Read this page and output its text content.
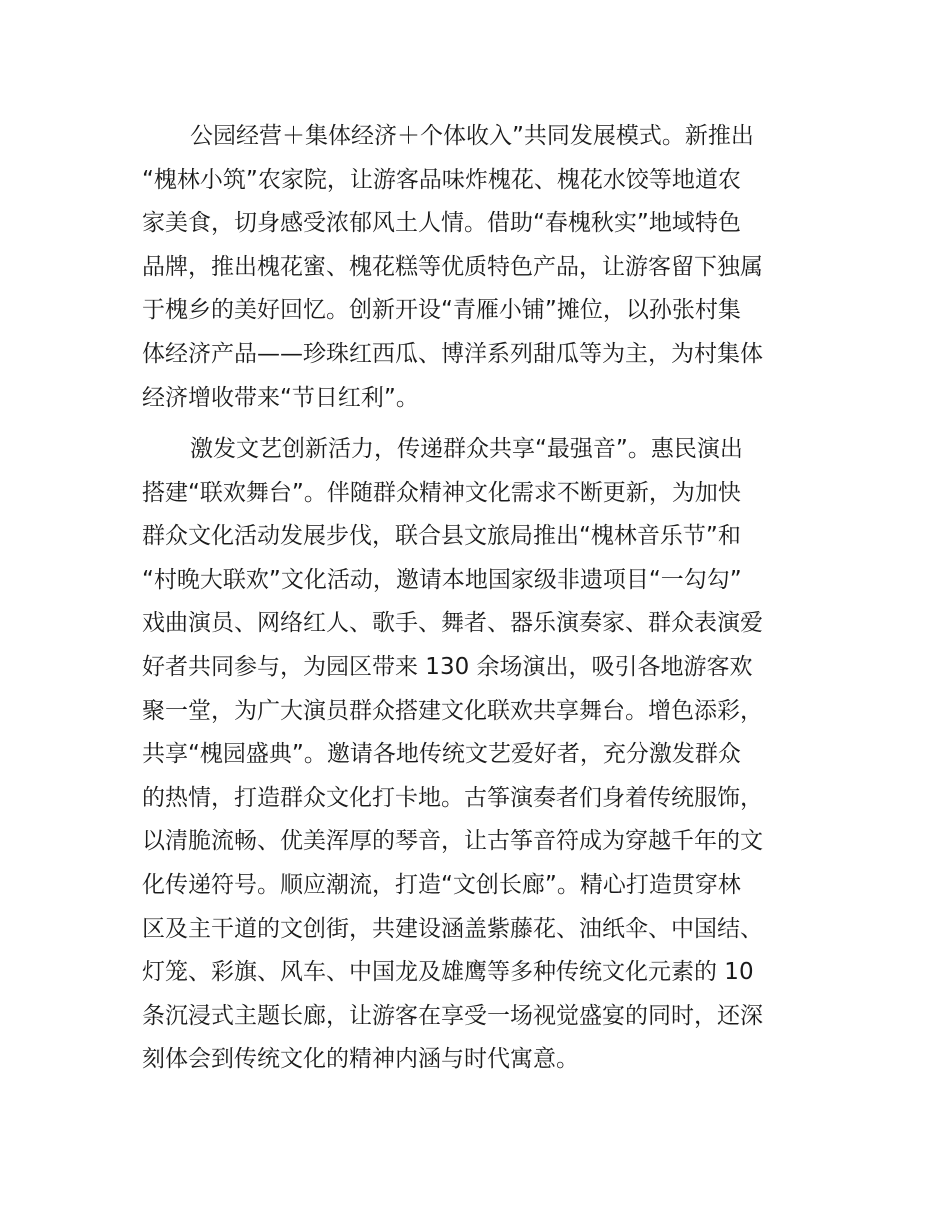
公园经营＋集体经济＋个体收入”共同发展模式。新推出
“槐林小筑”农家院，让游客品味炸槐花、槐花水饺等地道农
家美食，切身感受浓郁风土人情。借助“春槐秋实”地域特色
品牌，推出槐花蜜、槐花糕等优质特色产品，让游客留下独属
于槐乡的美好回忆。创新开设“青雁小铺”摊位，以孙张村集
体经济产品——珍珠红西瓜、博洋系列甜瓜等为主，为村集体
经济增收带来“节日红利”。

激发文艺创新活力，传递群众共享“最强音”。惠民演出
搭建“联欢舞台”。伴随群众精神文化需求不断更新，为加快
群众文化活动发展步伐，联合县文旅局推出“槐林音乐节”和
“村晚大联欢”文化活动，邀请本地国家级非遗项目“一勾勾”
戏曲演员、网络红人、歌手、舞者、器乐演奏家、群众表演爱
好者共同参与，为园区带来 130 余场演出，吸引各地游客欢
聚一堂，为广大演员群众搭建文化联欢共享舞台。增色添彩，
共享“槐园盛典”。邀请各地传统文艺爱好者，充分激发群众
的热情，打造群众文化打卡地。古筝演奏者们身着传统服饰，
以清脆流畅、优美浑厚的琴音，让古筝音符成为穿越千年的文
化传递符号。顺应潮流，打造“文创长廊”。精心打造贯穿林
区及主干道的文创街，共建设涵盖紫藤花、油纸伞、中国结、
灯笼、彩旗、风车、中国龙及雄鹰等多种传统文化元素的 10
条沉浸式主题长廊，让游客在享受一场视觉盛宴的同时，还深
刻体会到传统文化的精神内涵与时代寓意。
